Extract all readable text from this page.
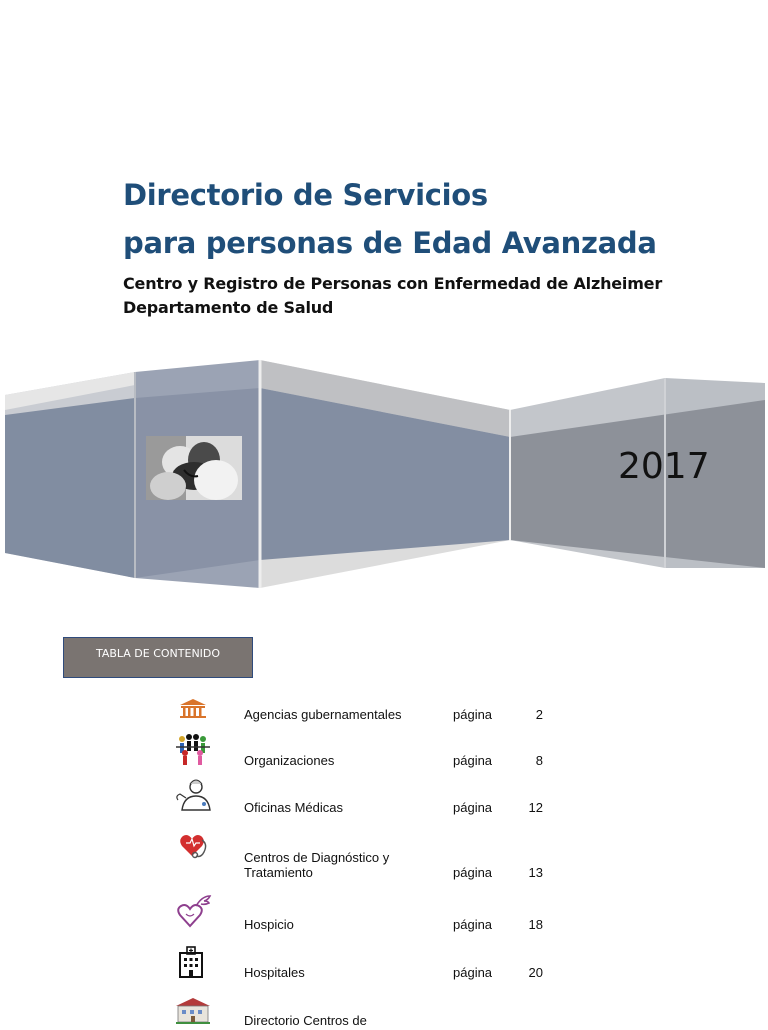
Directorio de Servicios
para personas de Edad Avanzada
Centro y Registro de Personas con Enfermedad de Alzheimer
Departamento de Salud
2017
TABLA DE CONTENIDO
Agencias gubernamentales	página	2
Organizaciones	página	8
Oficinas Médicas	página	12
Centros de Diagnóstico y Tratamiento	página	13
Hospicio	página	18
Hospitales	página	20
Directorio Centros de
